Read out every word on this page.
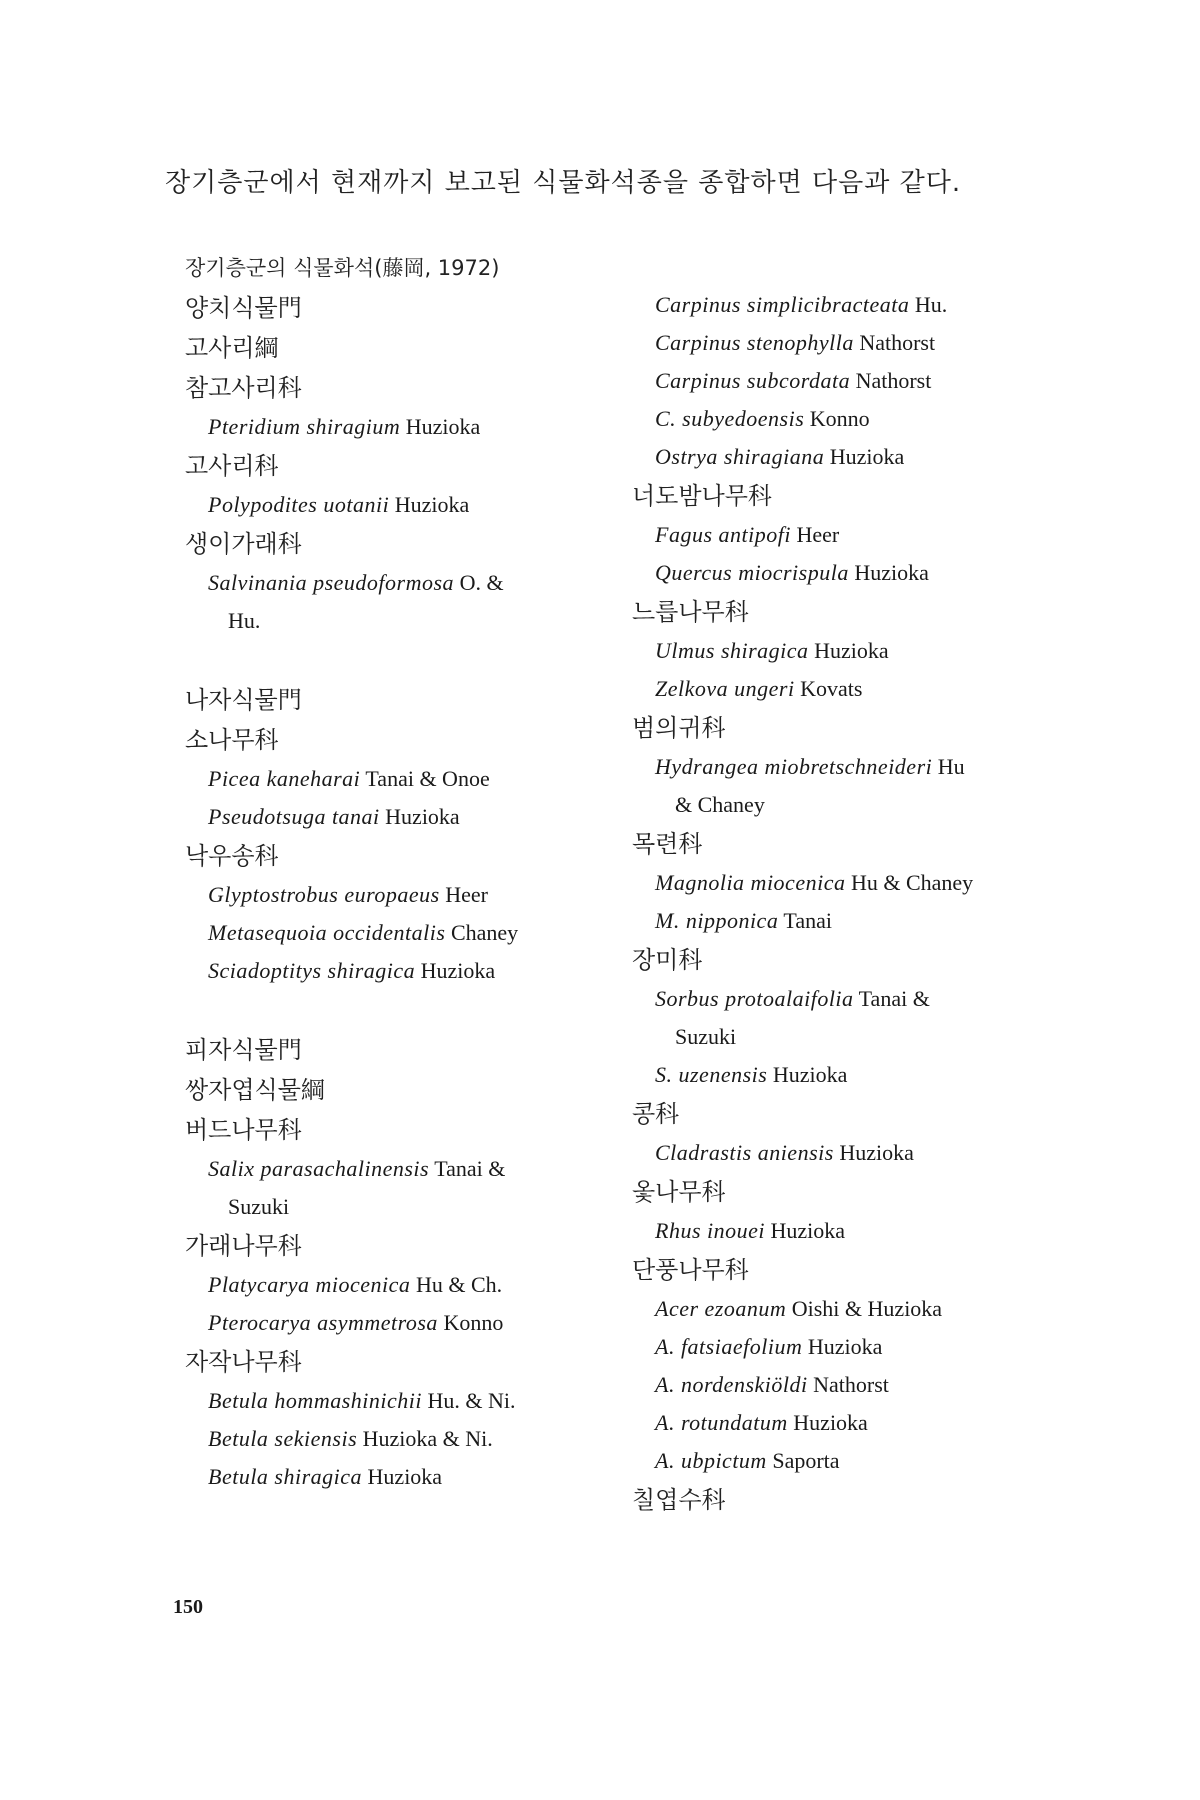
장기층군에서 현재까지 보고된 식물화석종을 종합하면 다음과 같다.

장기층군의 식물화석(藤岡, 1972)

양치식물門

고사리綱

참고사리科

Pteridium shiragium Huzioka

고사리科

Polypodites uotanii Huzioka

생이가래科

Salvinania pseudoformosa O. &

Hu.

나자식물門

소나무科

Picea kaneharai Tanai & Onoe

Pseudotsuga tanai Huzioka

낙우송科

Glyptostrobus europaeus Heer

Metasequoia occidentalis Chaney

Sciadoptitys shiragica Huzioka

피자식물門

쌍자엽식물綱

버드나무科

Salix parasachalinensis Tanai &

Suzuki

가래나무科

Platycarya miocenica Hu & Ch.

Pterocarya asymmetrosa Konno

자작나무科

Betula hommashinichii Hu. & Ni.

Betula sekiensis Huzioka & Ni.

Betula shiragica Huzioka

Carpinus simplicibracteata Hu.

Carpinus stenophylla Nathorst

Carpinus subcordata Nathorst

C. subyedoensis Konno

Ostrya shiragiana Huzioka

너도밤나무科

Fagus antipofi Heer

Quercus miocrispula Huzioka

느릅나무科

Ulmus shiragica Huzioka

Zelkova ungeri Kovats

범의귀科

Hydrangea miobretschneideri Hu

& Chaney

목련科

Magnolia miocenica Hu & Chaney

M. nipponica Tanai

장미科

Sorbus protoalaifolia Tanai &

Suzuki

S. uzenensis Huzioka

콩科

Cladrastis aniensis Huzioka

옻나무科

Rhus inouei Huzioka

단풍나무科

Acer ezoanum Oishi & Huzioka

A. fatsiaefolium Huzioka

A. nordenskiöldi Nathorst

A. rotundatum Huzioka

A. ubpictum Saporta

칠엽수科

150
